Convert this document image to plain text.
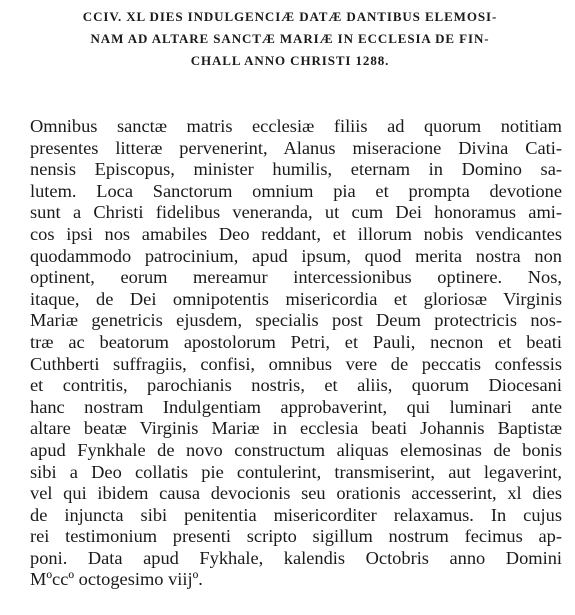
CCIV. XL DIES INDULGENCIÆ DATÆ DANTIBUS ELEMOSI-
NAM AD ALTARE SANCTÆ MARIÆ IN ECCLESIA DE FIN-
CHALL ANNO CHRISTI 1288.
Omnibus sanctæ matris ecclesiæ filiis ad quorum notitiam
presentes litteræ pervenerint, Alanus miseracione Divina Cati-
nensis Episcopus, minister humilis, eternam in Domino sa-
lutem. Loca Sanctorum omnium pia et prompta devotione
sunt a Christi fidelibus veneranda, ut cum Dei honoramus ami-
cos ipsi nos amabiles Deo reddant, et illorum nobis vendicantes
quodammodo patrocinium, apud ipsum, quod merita nostra non
optinent, eorum mereamur intercessionibus optinere. Nos,
itaque, de Dei omnipotentis misericordia et gloriosæ Virginis
Mariæ genetricis ejusdem, specialis post Deum protectricis nos-
træ ac beatorum apostolorum Petri, et Pauli, necnon et beati
Cuthberti suffragiis, confisi, omnibus vere de peccatis confessis
et contritis, parochianis nostris, et aliis, quorum Diocesani
hanc nostram Indulgentiam approbaverint, qui luminari ante
altare beatæ Virginis Mariæ in ecclesia beati Johannis Baptistæ
apud Fynkhale de novo constructum aliquas elemosinas de bonis
sibi a Deo collatis pie contulerint, transmiserint, aut legaverint,
vel qui ibidem causa devocionis seu orationis accesserint, xl dies
de injuncta sibi penitentia misericorditer relaxamus. In cujus
rei testimonium presenti scripto sigillum nostrum fecimus ap-
poni. Data apud Fykhale, kalendis Octobris anno Domini
Mºccº octogesimo viijº.
